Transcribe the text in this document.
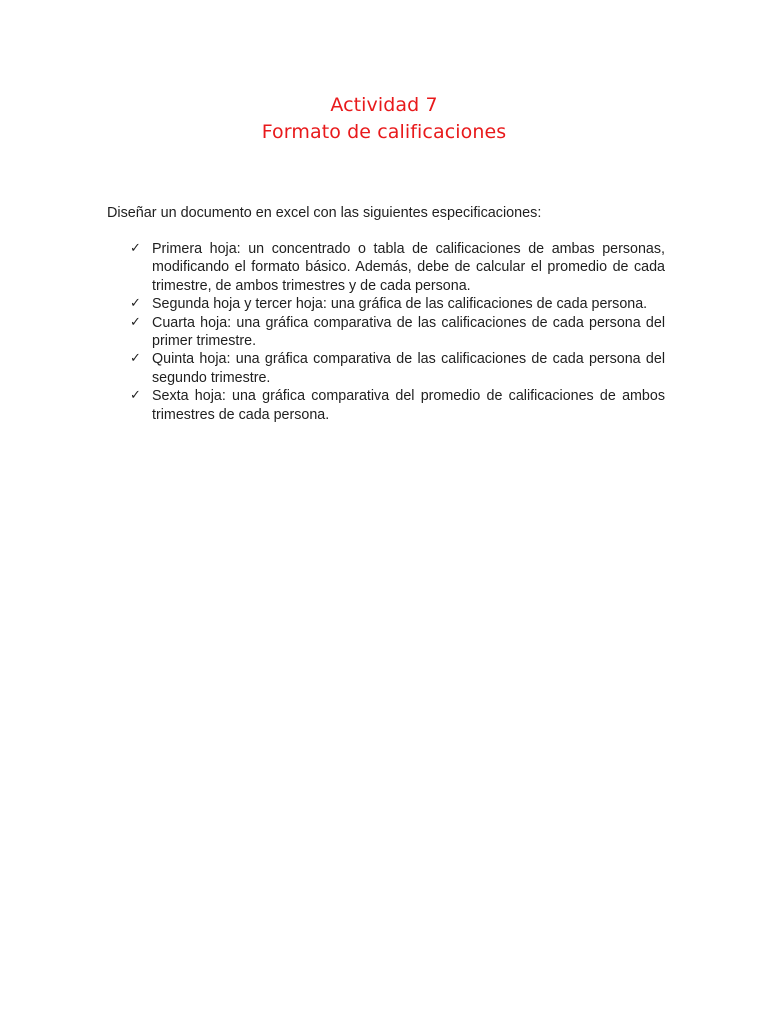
Actividad 7
Formato de calificaciones
Diseñar un documento en excel con las siguientes especificaciones:
✓ Primera hoja: un concentrado o tabla de calificaciones de ambas personas, modificando el formato básico. Además, debe de calcular el promedio de cada trimestre, de ambos trimestres y de cada persona.
✓ Segunda hoja y tercer hoja: una gráfica de las calificaciones de cada persona.
✓ Cuarta hoja: una gráfica comparativa de las calificaciones de cada persona del primer trimestre.
✓ Quinta hoja: una gráfica comparativa de las calificaciones de cada persona del segundo trimestre.
✓ Sexta hoja: una gráfica comparativa del promedio de calificaciones de ambos trimestres de cada persona.
